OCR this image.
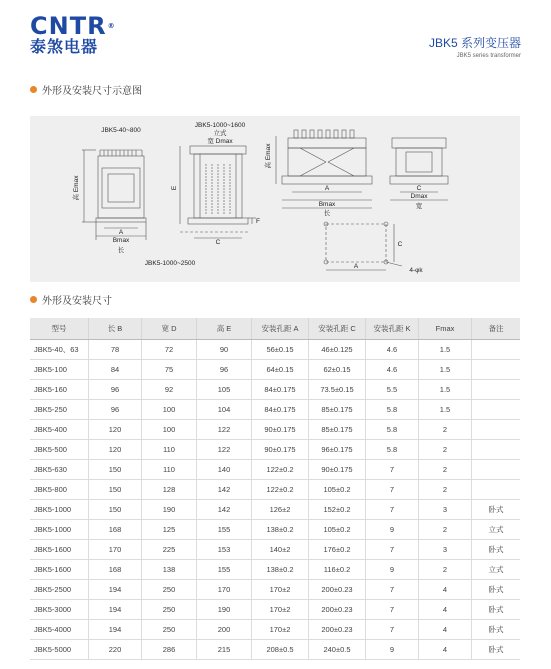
CNTR®
泰煞电器	JBK5 系列变压器
JBK5 series transformer
外形及安装尺寸示意图
JBK5-40~800
JBK5-1000~1600
立式
宽 Dmax
JBK5-1000~2500
A
Bmax
长
高 Emax
C
F
E
高 Emax
A
Bmax
长
C
Dmax
宽
A
C
4-φk
外形及安装尺寸
型号	长 B	宽 D	高 E	安装孔距 A	安装孔距 C	安装孔距 K	Fmax	备注
JBK5-40、63	78	72	90	56±0.15	46±0.125	4.6	1.5	
JBK5-100	84	75	96	64±0.15	62±0.15	4.6	1.5	
JBK5-160	96	92	105	84±0.175	73.5±0.15	5.5	1.5	
JBK5-250	96	100	104	84±0.175	85±0.175	5.8	1.5	
JBK5-400	120	100	122	90±0.175	85±0.175	5.8	2	
JBK5-500	120	110	122	90±0.175	96±0.175	5.8	2	
JBK5-630	150	110	140	122±0.2	90±0.175	7	2	
JBK5-800	150	128	142	122±0.2	105±0.2	7	2	
JBK5-1000	150	190	142	126±2	152±0.2	7	3	卧式
JBK5-1000	168	125	155	138±0.2	105±0.2	9	2	立式
JBK5-1600	170	225	153	140±2	176±0.2	7	3	卧式
JBK5-1600	168	138	155	138±0.2	116±0.2	9	2	立式
JBK5-2500	194	250	170	170±2	200±0.23	7	4	卧式
JBK5-3000	194	250	190	170±2	200±0.23	7	4	卧式
JBK5-4000	194	250	200	170±2	200±0.23	7	4	卧式
JBK5-5000	220	286	215	208±0.5	240±0.5	9	4	卧式
